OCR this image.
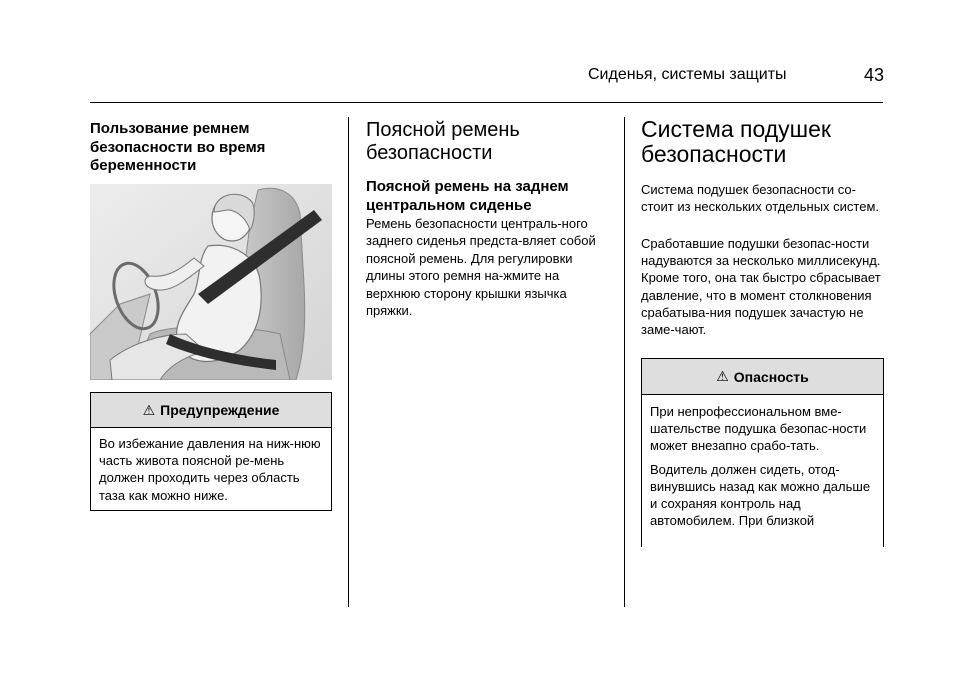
Сиденья, системы защиты	43
Пользование ремнем безопасности во время беременности
⚠ Предупреждение
Во избежание давления на ниж-нюю часть живота поясной ре-мень должен проходить через область таза как можно ниже.
Поясной ремень безопасности
Поясной ремень на заднем центральном сиденье
Ремень безопасности централь-ного заднего сиденья предста-вляет собой поясной ремень. Для регулировки длины этого ремня на-жмите на верхнюю сторону крышки язычка пряжки.
Система подушек безопасности
Система подушек безопасности со-стоит из нескольких отдельных систем.
Сработавшие подушки безопас-ности надуваются за несколько миллисекунд. Кроме того, она так быстро сбрасывает давление, что в момент столкновения срабатыва-ния подушек зачастую не заме-чают.
⚠ Опасность

При непрофессиональном вме-шательстве подушка безопас-ности может внезапно срабо-тать.

Водитель должен сидеть, отод-винувшись назад как можно дальше и сохраняя контроль над автомобилем. При близкой
